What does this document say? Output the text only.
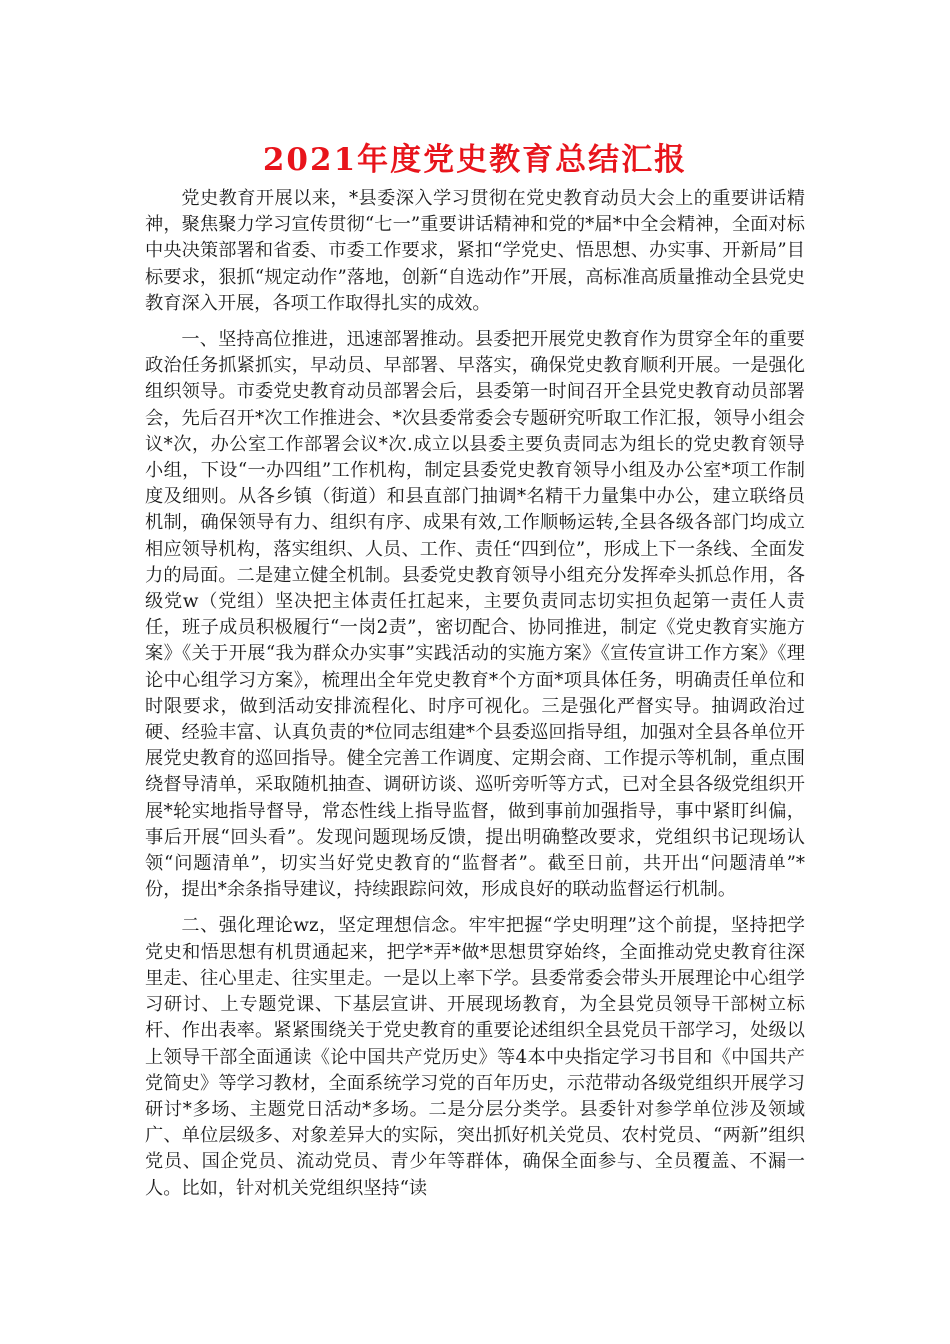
2021年度党史教育总结汇报

党史教育开展以来，*县委深入学习贯彻在党史教育动员大会上的重要讲话精神，聚焦聚力学习宣传贯彻“七一”重要讲话精神和党的*届*中全会精神，全面对标中央决策部署和省委、市委工作要求，紧扣“学党史、悟思想、办实事、开新局”目标要求，狠抓“规定动作”落地，创新“自选动作”开展，高标准高质量推动全县党史教育深入开展，各项工作取得扎实的成效。

一、坚持高位推进，迅速部署推动。县委把开展党史教育作为贯穿全年的重要政治任务抓紧抓实，早动员、早部署、早落实，确保党史教育顺利开展。一是强化组织领导。市委党史教育动员部署会后，县委第一时间召开全县党史教育动员部署会，先后召开*次工作推进会、*次县委常委会专题研究听取工作汇报，领导小组会议*次，办公室工作部署会议*次.成立以县委主要负责同志为组长的党史教育领导小组，下设“一办四组”工作机构，制定县委党史教育领导小组及办公室*项工作制度及细则。从各乡镇（街道）和县直部门抽调*名精干力量集中办公，建立联络员机制，确保领导有力、组织有序、成果有效,工作顺畅运转,全县各级各部门均成立相应领导机构，落实组织、人员、工作、责任“四到位”，形成上下一条线、全面发力的局面。二是建立健全机制。县委党史教育领导小组充分发挥牵头抓总作用，各级党w（党组）坚决把主体责任扛起来，主要负责同志切实担负起第一责任人责任，班子成员积极履行“一岗2责”，密切配合、协同推进，制定《党史教育实施方案》《关于开展“我为群众办实事”实践活动的实施方案》《宣传宣讲工作方案》《理论中心组学习方案》，梳理出全年党史教育*个方面*项具体任务，明确责任单位和时限要求，做到活动安排流程化、时序可视化。三是强化严督实导。抽调政治过硬、经验丰富、认真负责的*位同志组建*个县委巡回指导组，加强对全县各单位开展党史教育的巡回指导。健全完善工作调度、定期会商、工作提示等机制，重点围绕督导清单，采取随机抽查、调研访谈、巡听旁听等方式，已对全县各级党组织开展*轮实地指导督导，常态性线上指导监督，做到事前加强指导，事中紧盯纠偏，事后开展“回头看”。发现问题现场反馈，提出明确整改要求，党组织书记现场认领“问题清单”，切实当好党史教育的“监督者”。截至日前，共开出“问题清单”*份，提出*余条指导建议，持续跟踪问效，形成良好的联动监督运行机制。

二、强化理论wz，坚定理想信念。牢牢把握“学史明理”这个前提，坚持把学党史和悟思想有机贯通起来，把学*弄*做*思想贯穿始终，全面推动党史教育往深里走、往心里走、往实里走。一是以上率下学。县委常委会带头开展理论中心组学习研讨、上专题党课、下基层宣讲、开展现场教育，为全县党员领导干部树立标杆、作出表率。紧紧围绕关于党史教育的重要论述组织全县党员干部学习，处级以上领导干部全面通读《论中国共产党历史》等4本中央指定学习书目和《中国共产党简史》等学习教材，全面系统学习党的百年历史，示范带动各级党组织开展学习研讨*多场、主题党日活动*多场。二是分层分类学。县委针对参学单位涉及领域广、单位层级多、对象差异大的实际，突出抓好机关党员、农村党员、“两新”组织党员、国企党员、流动党员、青少年等群体，确保全面参与、全员覆盖、不漏一人。比如，针对机关党组织坚持“读
